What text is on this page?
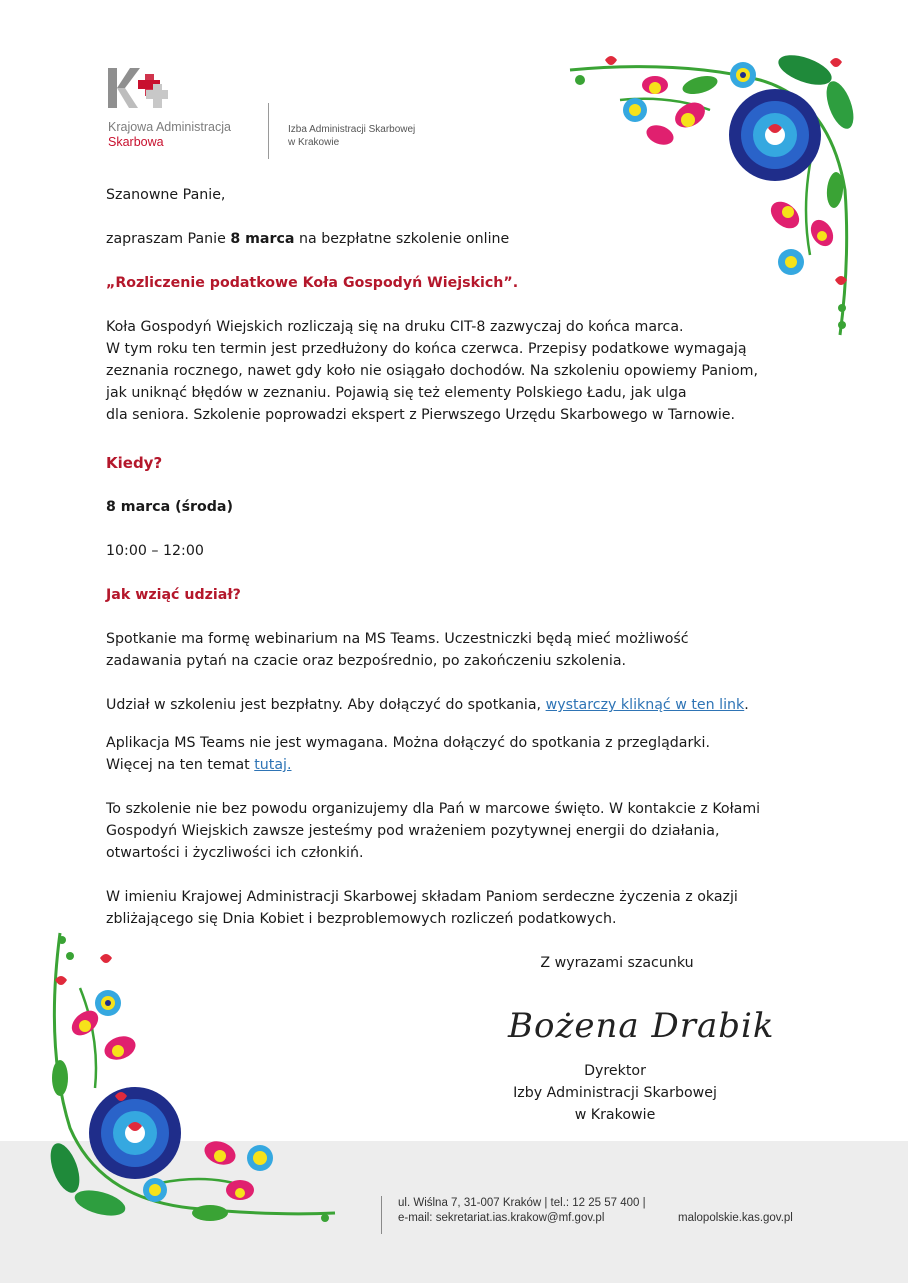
Krajowa Administracja
Skarbowa
Izba Administracji Skarbowej
w Krakowie
Szanowne Panie,
zapraszam Panie 8 marca na bezpłatne szkolenie online
„Rozliczenie podatkowe Koła Gospodyń Wiejskich”.
Koła Gospodyń Wiejskich rozliczają się na druku CIT-8 zazwyczaj do końca marca.
W tym roku ten termin jest przedłużony do końca czerwca. Przepisy podatkowe wymagają
zeznania rocznego, nawet gdy koło nie osiągało dochodów. Na szkoleniu opowiemy Paniom,
jak uniknąć błędów w zeznaniu. Pojawią się też elementy Polskiego Ładu, jak ulga
dla seniora. Szkolenie poprowadzi ekspert z Pierwszego Urzędu Skarbowego w Tarnowie.
Kiedy?
8 marca (środa)
10:00 – 12:00
Jak wziąć udział?
Spotkanie ma formę webinarium na MS Teams. Uczestniczki będą mieć możliwość
zadawania pytań na czacie oraz bezpośrednio, po zakończeniu szkolenia.
Udział w szkoleniu jest bezpłatny. Aby dołączyć do spotkania, wystarczy kliknąć w ten link.
Aplikacja MS Teams nie jest wymagana. Można dołączyć do spotkania z przeglądarki.
Więcej na ten temat tutaj.
To szkolenie nie bez powodu organizujemy dla Pań w marcowe święto. W kontakcie z Kołami
Gospodyń Wiejskich zawsze jesteśmy pod wrażeniem pozytywnej energii do działania,
otwartości i życzliwości ich członkiń.
W imieniu Krajowej Administracji Skarbowej składam Paniom serdeczne życzenia z okazji
zbliżającego się Dnia Kobiet i bezproblemowych rozliczeń podatkowych.
Z wyrazami szacunku
Bożena Drabik
Dyrektor
Izby Administracji Skarbowej
w Krakowie
ul. Wiślna 7, 31-007 Kraków | tel.: 12 25 57 400 |
e-mail: sekretariat.ias.krakow@mf.gov.pl	malopolskie.kas.gov.pl
